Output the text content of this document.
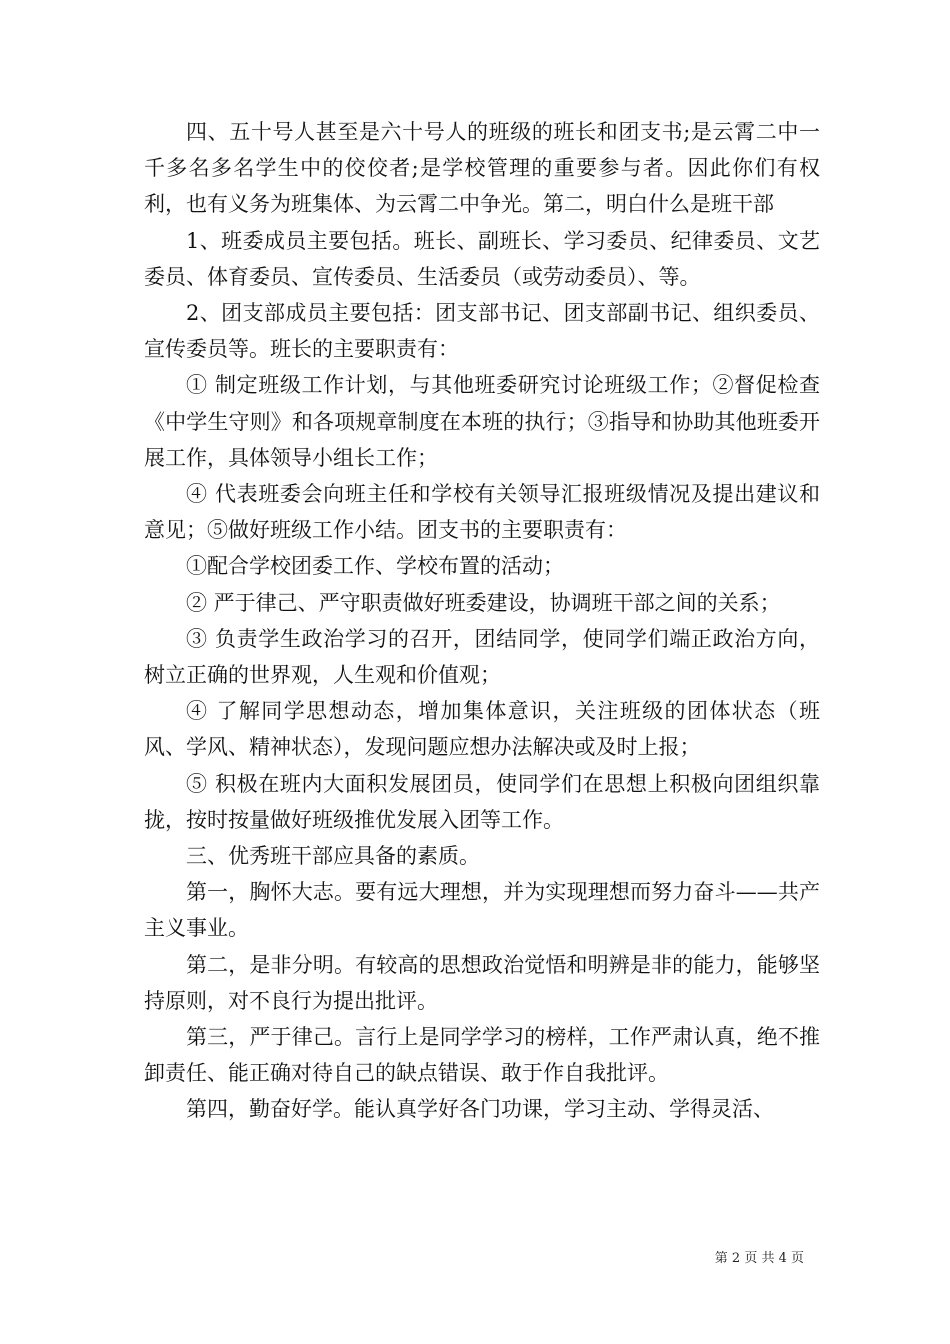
四、五十号人甚至是六十号人的班级的班长和团支书;是云霄二中一千多名多名学生中的佼佼者;是学校管理的重要参与者。因此你们有权利，也有义务为班集体、为云霄二中争光。第二，明白什么是班干部

1、班委成员主要包括。班长、副班长、学习委员、纪律委员、文艺委员、体育委员、宣传委员、生活委员（或劳动委员）、等。

2、团支部成员主要包括：团支部书记、团支部副书记、组织委员、宣传委员等。班长的主要职责有：

① 制定班级工作计划，与其他班委研究讨论班级工作；②督促检查《中学生守则》和各项规章制度在本班的执行；③指导和协助其他班委开展工作，具体领导小组长工作；

④ 代表班委会向班主任和学校有关领导汇报班级情况及提出建议和意见；⑤做好班级工作小结。团支书的主要职责有：

①配合学校团委工作、学校布置的活动；

② 严于律己、严守职责做好班委建设，协调班干部之间的关系；

③ 负责学生政治学习的召开，团结同学，使同学们端正政治方向，树立正确的世界观，人生观和价值观；

④ 了解同学思想动态，增加集体意识，关注班级的团体状态（班风、学风、精神状态），发现问题应想办法解决或及时上报；

⑤ 积极在班内大面积发展团员，使同学们在思想上积极向团组织靠拢，按时按量做好班级推优发展入团等工作。

三、优秀班干部应具备的素质。

第一，胸怀大志。要有远大理想，并为实现理想而努力奋斗——共产主义事业。

第二，是非分明。有较高的思想政治觉悟和明辨是非的能力，能够坚持原则，对不良行为提出批评。

第三，严于律己。言行上是同学学习的榜样，工作严肃认真，绝不推卸责任、能正确对待自己的缺点错误、敢于作自我批评。

第四，勤奋好学。能认真学好各门功课，学习主动、学得灵活、

第 2 页 共 4 页
